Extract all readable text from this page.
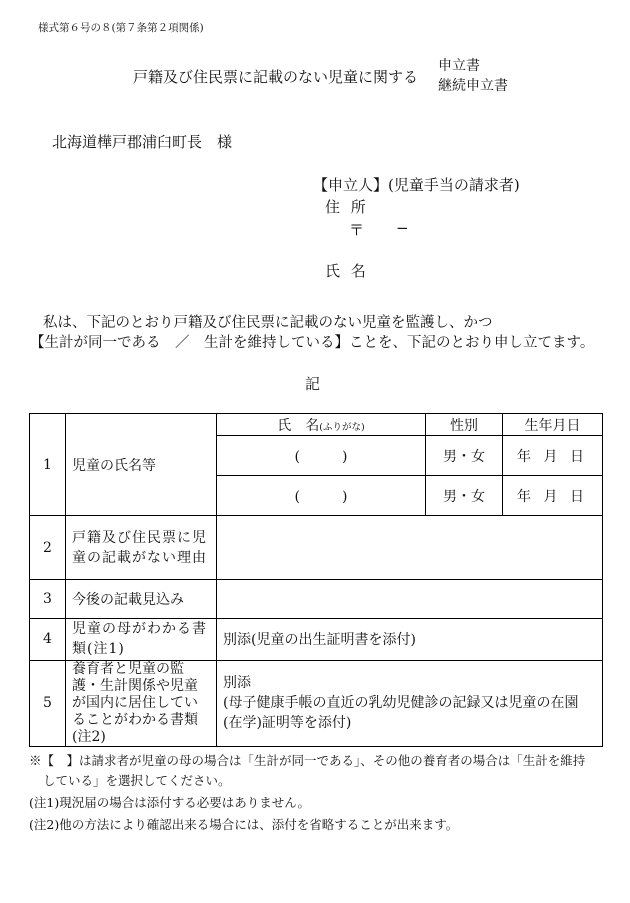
様式第６号の８(第７条第２項関係)
戸籍及び住民票に記載のない児童に関する
申立書
継続申立書
北海道樺戸郡浦臼町長　様
【申立人】(児童手当の請求者)
住 所
〒 −
氏 名
私は、下記のとおり戸籍及び住民票に記載のない児童を監護し、かつ
【生計が同一である　／　生計を維持している】ことを、下記のとおり申し立てます。
記
1	児童の氏名等	氏　名(ふりがな)	性別	生年月日
		(　　　)	男・女	年 月 日
		(　　　)	男・女	年 月 日
2	戸籍及び住民票に児童の記載がない理由			
3	今後の記載見込み			
4	児童の母がわかる書類(注1)	別添(児童の出生証明書を添付)		
5	養育者と児童の監護・生計関係や児童が国内に居住していることがわかる書類(注2)	別添
(母子健康手帳の直近の乳幼児健診の記録又は児童の在園(在学)証明等を添付)		
※【　】は請求者が児童の母の場合は「生計が同一である」、その他の養育者の場合は「生計を維持
している」を選択してください。
(注1)現況届の場合は添付する必要はありません。
(注2)他の方法により確認出来る場合には、添付を省略することが出来ます。
